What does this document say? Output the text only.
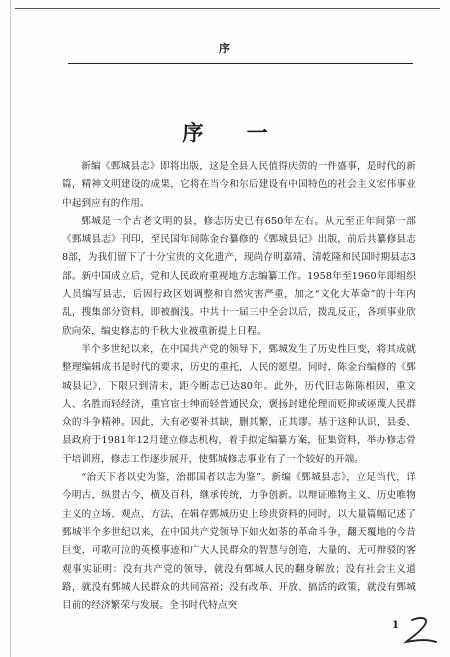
序
序 一

新编《鄄城县志》即将出版，这是全县人民值得庆贺的一件盛事，是时代的新篇，精神文明建设的成果，它将在当今和尔后建设有中国特色的社会主义宏伟事业中起到应有的作用。

鄄城是一个古老文明的县，修志历史已有650年左右。从元至正年间第一部《鄄城县志》刊印，至民国年间陈金台纂修的《鄄城县记》出版，前后共纂修县志8部，为我们留下了十分宝贵的文化遗产，现尚存明嘉靖、清乾隆和民国时期县志3部。新中国成立后，党和人民政府重视地方志编纂工作。1958年至1960年即组织人员编写县志，后因行政区划调整和自然灾害严重，加之“文化大革命”的十年内乱，搜集部分资料，即被搁浅。中共十一届三中全会以后，拨乱反正，各项事业欣欣向荣，编史修志的千秋大业被重新提上日程。

半个多世纪以来，在中国共产党的领导下，鄄城发生了历史性巨变，将其成就整理编辑成书是时代的要求，历史的重托，人民的愿望。同时，陈金台编修的《鄄城县记》，下限只到清末，距今断志已达80年。此外，历代旧志陈陈相因，重文人、名胜而轻经济，重官宦士绅而轻普通民众，褒扬封建伦理而贬抑或诬蔑人民群众的斗争精神。因此，大有必要补其缺，删其繁，正其谬。基于这种认识，县委、县政府于1981年12月建立修志机构，着手拟定编纂方案，征集资料，举办修志骨干培训班，修志工作逐步展开，使鄄城修志事业有了一个较好的开端。

“治天下者以史为鉴，治郡国者以志为鉴”。新编《鄄城县志》，立足当代，详今明古，纵贯古今，横及百科，继承传统，力争创新。以辩证唯物主义、历史唯物主义的立场、观点、方法，在辑存鄄城历史上珍贵资料的同时，以大量篇幅记述了鄄城半个多世纪以来，在中国共产党领导下如火如荼的革命斗争，翻天覆地的今昔巨变，可歌可泣的英模事迹和广大人民群众的智慧与创造，大量的、无可辩驳的客观事实证明：没有共产党的领导，就没有鄄城人民的翻身解放；没有社会主义道路，就没有鄄城人民群众的共同富裕；没有改革、开放、搞活的政策，就没有鄄城目前的经济繁荣与发展。全书时代特点突

1
